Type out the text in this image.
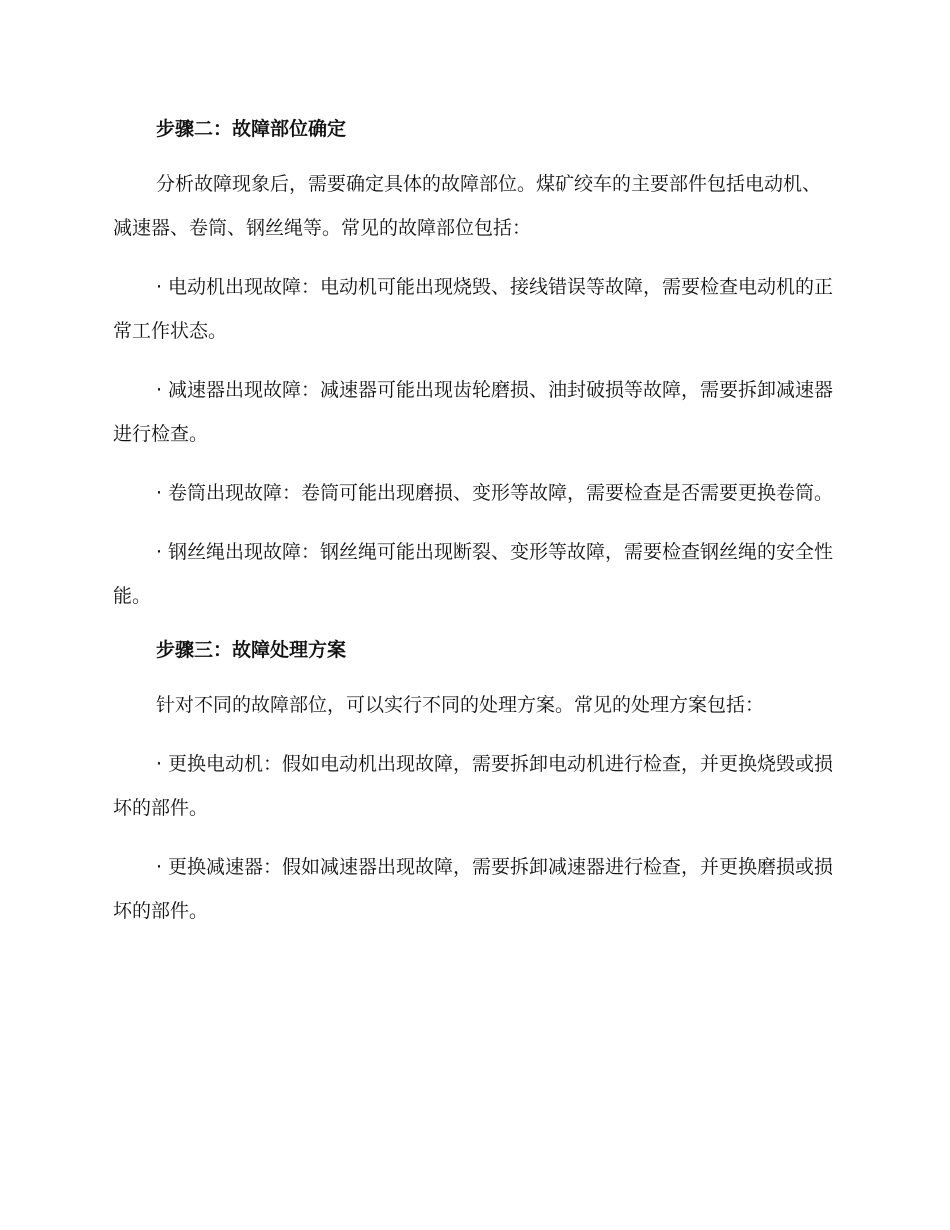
步骤二：故障部位确定

分析故障现象后，需要确定具体的故障部位。煤矿绞车的主要部件包括电动机、减速器、卷筒、钢丝绳等。常见的故障部位包括：

· 电动机出现故障：电动机可能出现烧毁、接线错误等故障，需要检查电动机的正常工作状态。

· 减速器出现故障：减速器可能出现齿轮磨损、油封破损等故障，需要拆卸减速器进行检查。

· 卷筒出现故障：卷筒可能出现磨损、变形等故障，需要检查是否需要更换卷筒。

· 钢丝绳出现故障：钢丝绳可能出现断裂、变形等故障，需要检查钢丝绳的安全性能。

步骤三：故障处理方案

针对不同的故障部位，可以实行不同的处理方案。常见的处理方案包括：

· 更换电动机：假如电动机出现故障，需要拆卸电动机进行检查，并更换烧毁或损坏的部件。

· 更换减速器：假如减速器出现故障，需要拆卸减速器进行检查，并更换磨损或损坏的部件。
